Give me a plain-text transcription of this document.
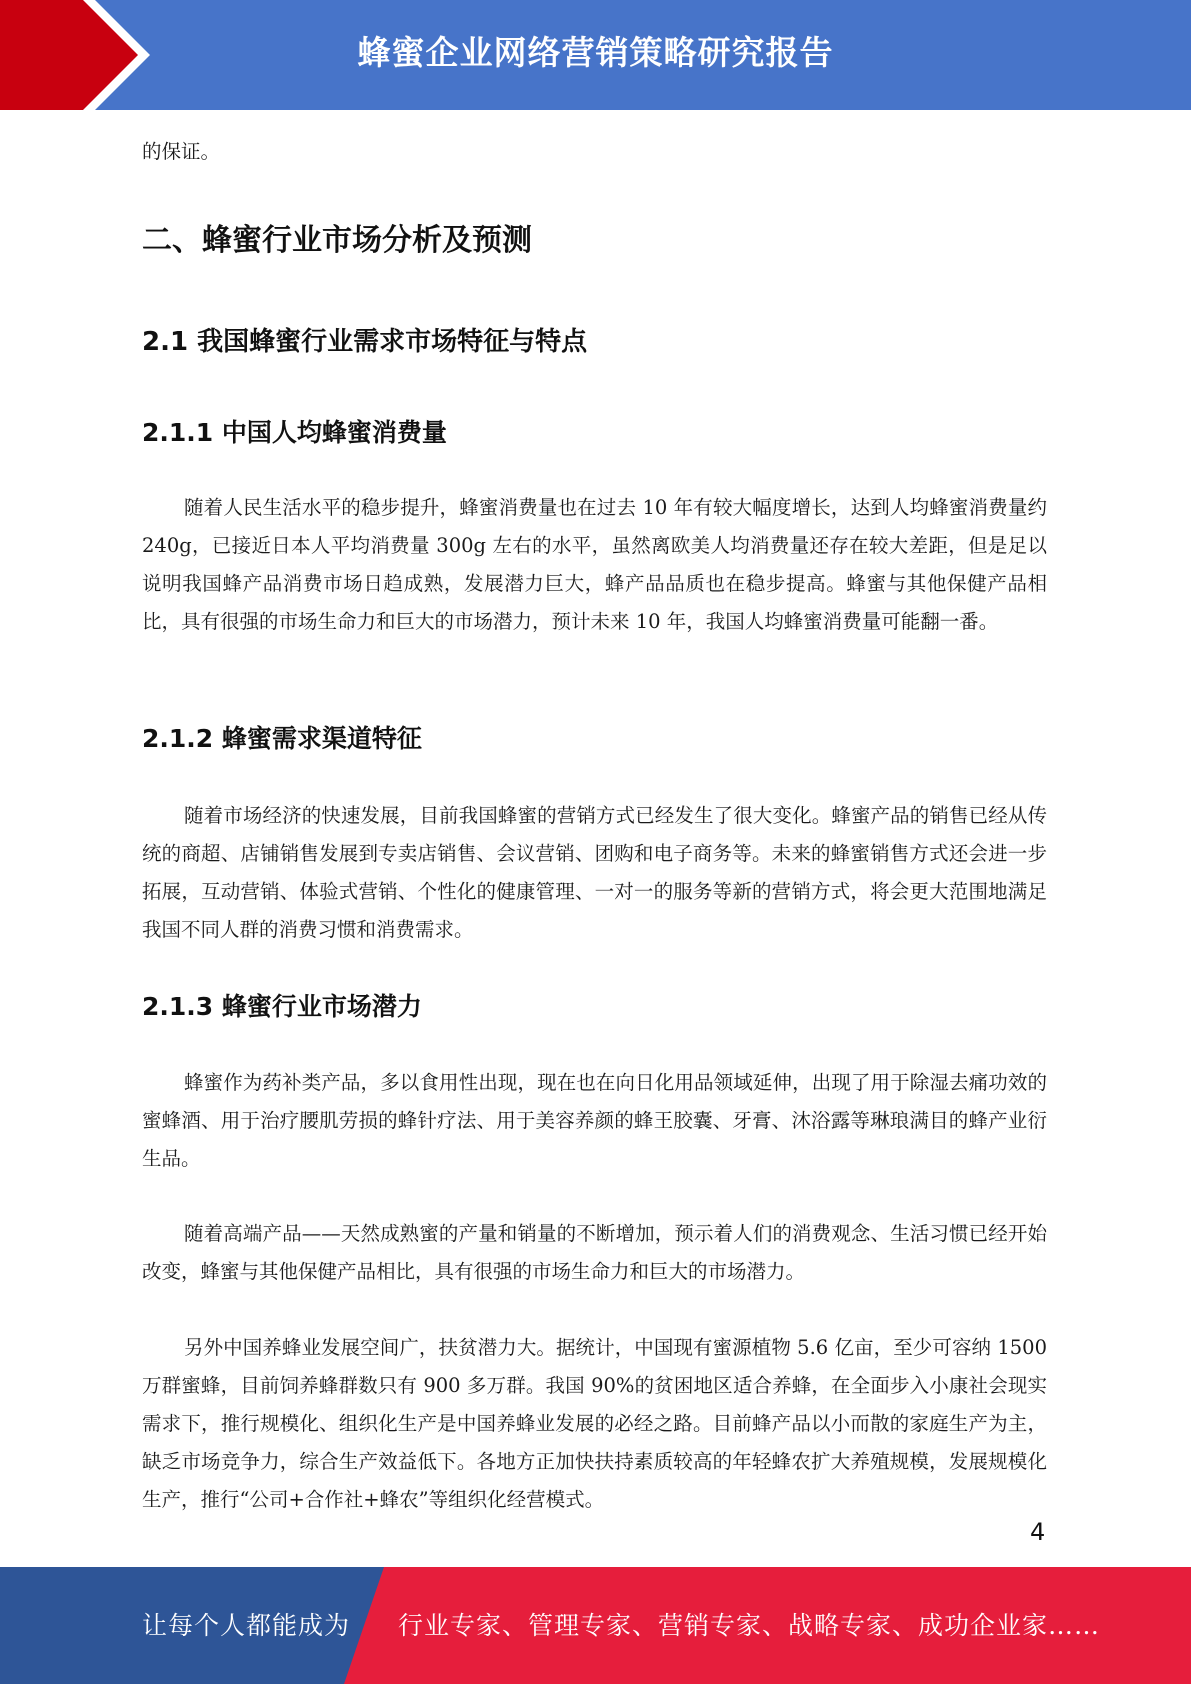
蜂蜜企业网络营销策略研究报告

的保证。

二、蜂蜜行业市场分析及预测
2.1 我国蜂蜜行业需求市场特征与特点
2.1.1 中国人均蜂蜜消费量

随着人民生活水平的稳步提升，蜂蜜消费量也在过去 10 年有较大幅度增长，达到人均蜂蜜消费量约 240g，已接近日本人平均消费量 300g 左右的水平，虽然离欧美人均消费量还存在较大差距，但是足以说明我国蜂产品消费市场日趋成熟，发展潜力巨大，蜂产品品质也在稳步提高。蜂蜜与其他保健产品相比，具有很强的市场生命力和巨大的市场潜力，预计未来 10 年，我国人均蜂蜜消费量可能翻一番。

2.1.2 蜂蜜需求渠道特征

随着市场经济的快速发展，目前我国蜂蜜的营销方式已经发生了很大变化。蜂蜜产品的销售已经从传统的商超、店铺销售发展到专卖店销售、会议营销、团购和电子商务等。未来的蜂蜜销售方式还会进一步拓展，互动营销、体验式营销、个性化的健康管理、一对一的服务等新的营销方式，将会更大范围地满足我国不同人群的消费习惯和消费需求。

2.1.3 蜂蜜行业市场潜力

蜂蜜作为药补类产品，多以食用性出现，现在也在向日化用品领域延伸，出现了用于除湿去痛功效的蜜蜂酒、用于治疗腰肌劳损的蜂针疗法、用于美容养颜的蜂王胶囊、牙膏、沐浴露等琳琅满目的蜂产业衍生品。

随着高端产品——天然成熟蜜的产量和销量的不断增加，预示着人们的消费观念、生活习惯已经开始改变，蜂蜜与其他保健产品相比，具有很强的市场生命力和巨大的市场潜力。

另外中国养蜂业发展空间广，扶贫潜力大。据统计，中国现有蜜源植物 5.6 亿亩，至少可容纳 1500 万群蜜蜂，目前饲养蜂群数只有 900 多万群。我国 90%的贫困地区适合养蜂，在全面步入小康社会现实需求下，推行规模化、组织化生产是中国养蜂业发展的必经之路。目前蜂产品以小而散的家庭生产为主，缺乏市场竞争力，综合生产效益低下。各地方正加快扶持素质较高的年轻蜂农扩大养殖规模，发展规模化生产，推行“公司+合作社+蜂农”等组织化经营模式。

4
让每个人都能成为 行业专家、管理专家、营销专家、战略专家、成功企业家……
